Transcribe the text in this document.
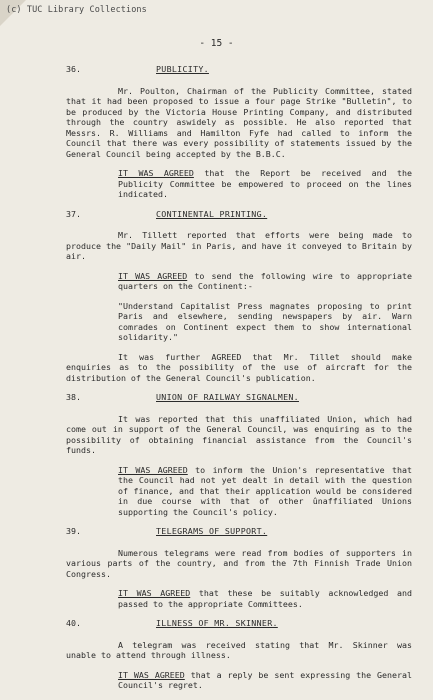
(c) TUC Library Collections
- 15 -
36.	PUBLICITY.
Mr. Poulton, Chairman of the Publicity Committee, stated that it had been proposed to issue a four page Strike "Bulletin", to be produced by the Victoria House Printing Company, and distributed through the country aswidely as possible. He also reported that Messrs. R. Williams and Hamilton Fyfe had called to inform the Council that there was every possibility of statements issued by the General Council being accepted by the B.B.C.
IT WAS AGREED that the Report be received and the Publicity Committee be empowered to proceed on the lines indicated.
37.	CONTINENTAL PRINTING.
Mr. Tillett reported that efforts were being made to produce the "Daily Mail" in Paris, and have it conveyed to Britain by air.
IT WAS AGREED to send the following wire to appropriate quarters on the Continent:-
"Understand Capitalist Press magnates proposing to print Paris and elsewhere, sending newspapers by air. Warn comrades on Continent expect them to show international solidarity."
It was further AGREED that Mr. Tillet should make enquiries as to the possibility of the use of aircraft for the distribution of the General Council's publication.
38.	UNION OF RAILWAY SIGNALMEN.
It was reported that this unaffiliated Union, which had come out in support of the General Council, was enquiring as to the possibility of obtaining financial assistance from the Council's funds.
IT WAS AGREED to inform the Union's representative that the Council had not yet dealt in detail with the question of finance, and that their application would be considered in due course with that of other ûnaffiliated Unions supporting the Council's policy.
39.	TELEGRAMS OF SUPPORT.
Numerous telegrams were read from bodies of supporters in various parts of the country, and from the 7th Finnish Trade Union Congress.
IT WAS AGREED that these be suitably acknowledged and passed to the appropriate Committees.
40.	ILLNESS OF MR. SKINNER.
A telegram was received stating that Mr. Skinner was unable to attend through illness.
IT WAS AGREED that a reply be sent expressing the General Council's regret.
